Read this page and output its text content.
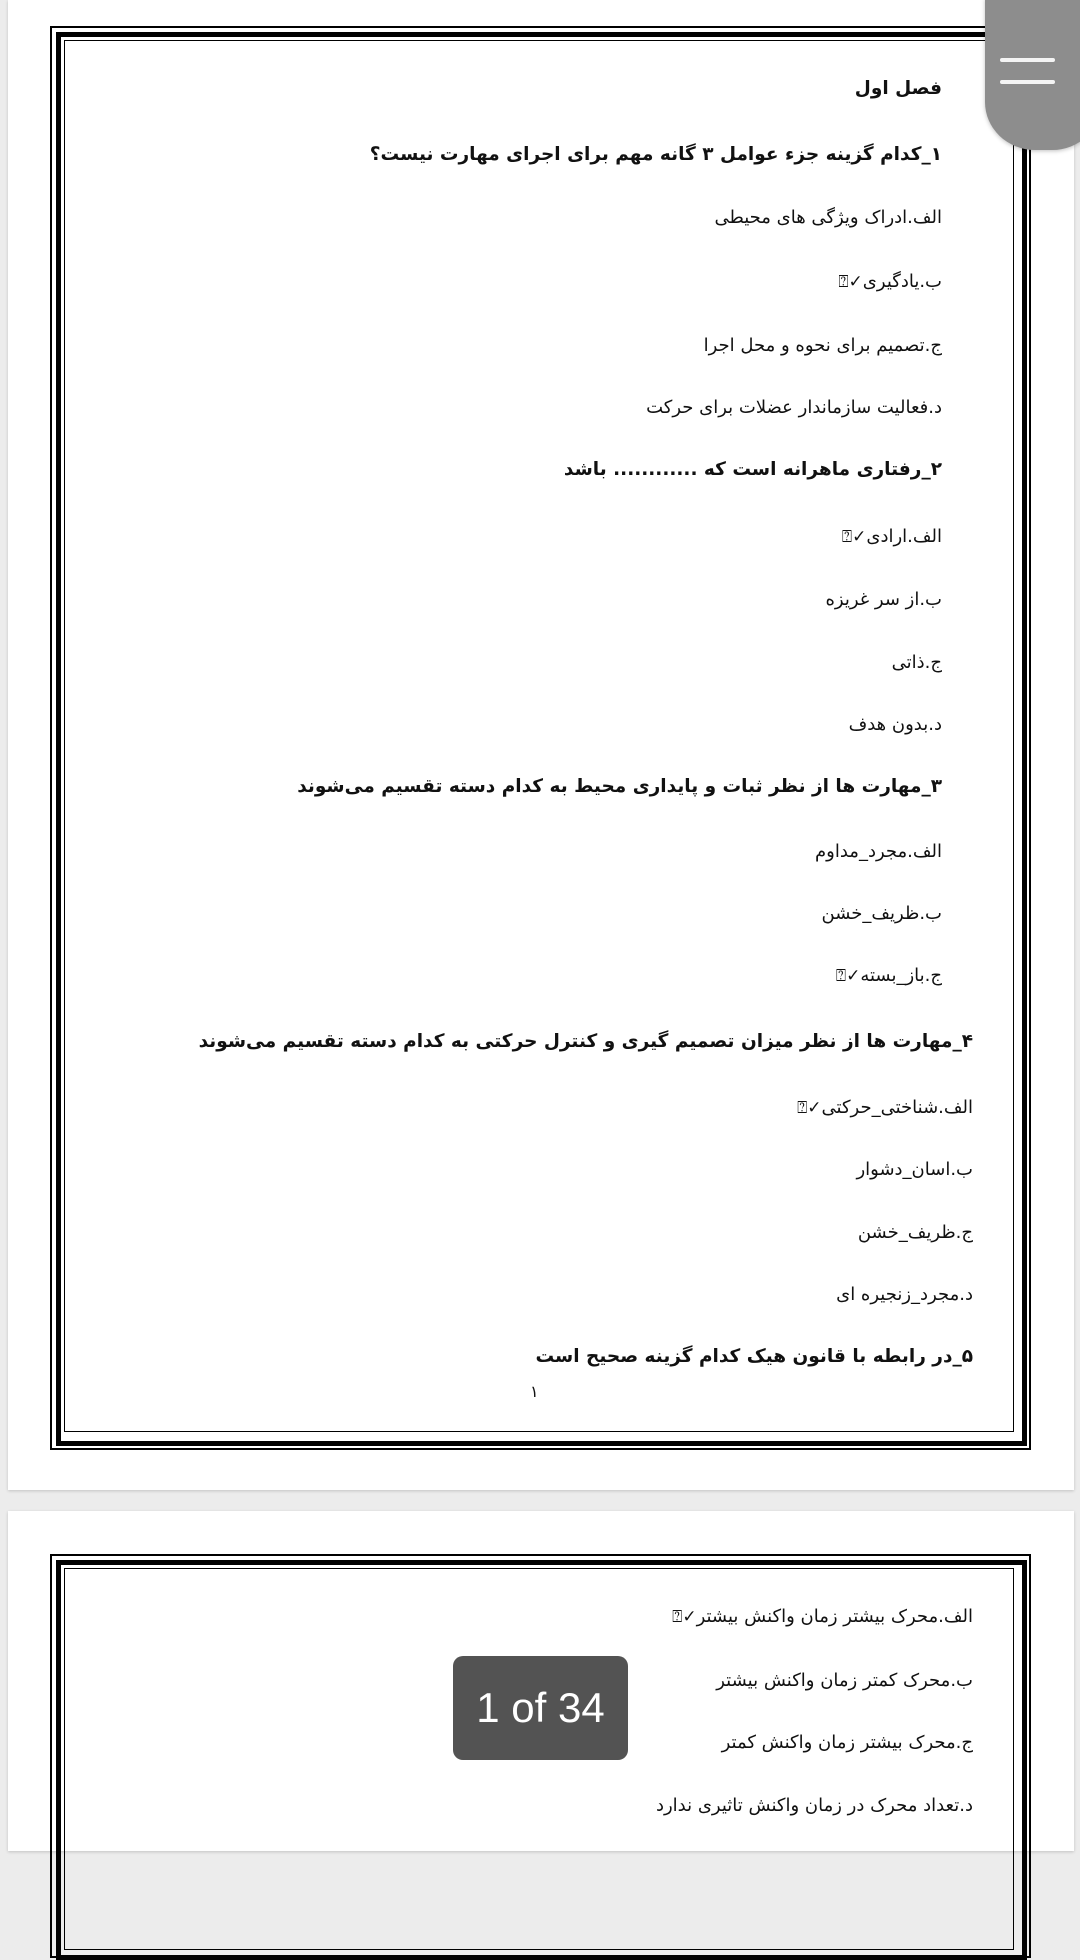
فصل اول
۱_کدام گزینه جزء عوامل ۳ گانه مهم برای اجرای مهارت نیست؟
الف.ادراک ویژگی های محیطی
ب.یادگیری✓⍰
ج.تصمیم برای نحوه و محل اجرا
د.فعالیت سازماندار عضلات برای حرکت
۲_رفتاری ماهرانه است که ............ باشد
الف.ارادی✓⍰
ب.از سر غریزه
ج.ذاتی
د.بدون هدف
۳_مهارت ها از نظر ثبات و پایداری محیط به کدام دسته تقسیم می‌شوند
الف.مجرد_مداوم
ب.ظریف_خشن
ج.باز_بسته✓⍰
۴_مهارت ها از نظر میزان تصمیم گیری و کنترل حرکتی به کدام دسته تقسیم می‌شوند
الف.شناختی_حرکتی✓⍰
ب.اسان_دشوار
ج.ظریف_خشن
د.مجرد_زنجیره ای
۵_در رابطه با قانون هیک کدام گزینه صحیح است
۱
الف.محرک بیشتر زمان واکنش بیشتر✓⍰
ب.محرک کمتر زمان واکنش بیشتر
ج.محرک بیشتر زمان واکنش کمتر
د.تعداد محرک در زمان واکنش تاثیری ندارد
1 of 34
